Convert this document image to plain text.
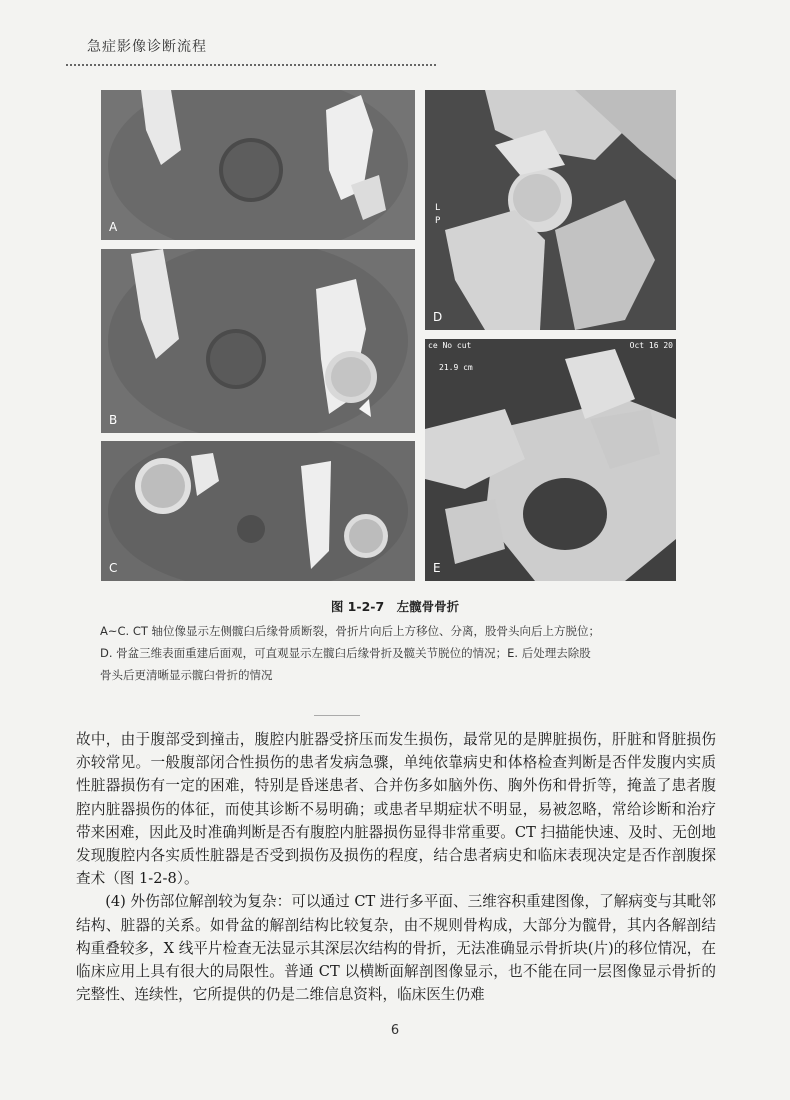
急症影像诊断流程
A
B
C
L
P
D
ce No cut	Oct 16 20
21.9 cm
E
图 1-2-7　左髋骨骨折

A~C. CT 轴位像显示左侧髋臼后缘骨质断裂，骨折片向后上方移位、分离，股骨头向后上方脱位；

D. 骨盆三维表面重建后面观，可直观显示左髋臼后缘骨折及髋关节脱位的情况；E. 后处理去除股

骨头后更清晰显示髋臼骨折的情况

故中，由于腹部受到撞击，腹腔内脏器受挤压而发生损伤，最常见的是脾脏损伤，肝脏和肾脏损伤亦较常见。一般腹部闭合性损伤的患者发病急骤，单纯依靠病史和体格检查判断是否伴发腹内实质性脏器损伤有一定的困难，特别是昏迷患者、合并伤多如脑外伤、胸外伤和骨折等，掩盖了患者腹腔内脏器损伤的体征，而使其诊断不易明确；或患者早期症状不明显，易被忽略，常给诊断和治疗带来困难，因此及时准确判断是否有腹腔内脏器损伤显得非常重要。CT 扫描能快速、及时、无创地发现腹腔内各实质性脏器是否受到损伤及损伤的程度，结合患者病史和临床表现决定是否作剖腹探查术（图 1-2-8）。

(4) 外伤部位解剖较为复杂：可以通过 CT 进行多平面、三维容积重建图像，了解病变与其毗邻结构、脏器的关系。如骨盆的解剖结构比较复杂，由不规则骨构成，大部分为髋骨，其内各解剖结构重叠较多，X 线平片检查无法显示其深层次结构的骨折，无法准确显示骨折块(片)的移位情况，在临床应用上具有很大的局限性。普通 CT 以横断面解剖图像显示，也不能在同一层图像显示骨折的完整性、连续性，它所提供的仍是二维信息资料，临床医生仍难

6
